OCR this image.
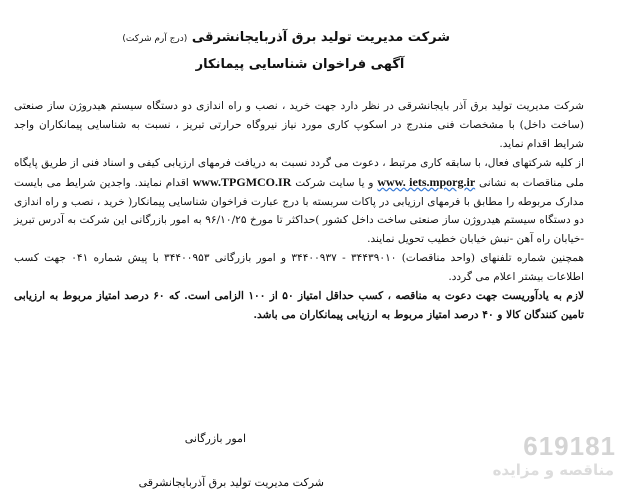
شرکت مدیریت تولید برق آذربایجانشرقی (درج آرم شرکت)
آگهی فراخوان شناسایی پیمانکار

شرکت مدیریت تولید برق آذر بایجانشرقی در نظر دارد جهت خرید ، نصب و راه اندازی دو دستگاه سیستم هیدروژن ساز صنعتی (ساخت داخل) با مشخصات فنی مندرج در اسکوپ کاری مورد نیاز نیروگاه حرارتی تبریز ، نسبت به شناسایی پیمانکاران واجد شرایط اقدام نماید.

از کلیه شرکتهای فعال، با سابقه کاری مرتبط ، دعوت می گردد نسبت به دریافت فرمهای ارزیابی کیفی و اسناد فنی از طریق پایگاه ملی مناقصات به نشانی www. iets.mporg.ir و یا سایت شرکت www.TPGMCO.IR اقدام نمایند. واجدین شرایط می بایست مدارک مربوطه را مطابق با فرمهای ارزیابی در پاکات سربسته با درج عبارت فراخوان شناسایی پیمانکار( خرید ، نصب و راه اندازی دو دستگاه سیستم هیدروژن ساز صنعتی ساخت داخل کشور )حداکثر تا مورخ ۹۶/۱۰/۲۵ به امور بازرگانی این شرکت به آدرس تبریز -خیابان راه آهن -نبش خیابان خطیب تحویل نمایند.

همچنین شماره تلفنهای (واحد مناقصات) ۳۴۴۳۹۰۱۰ - ۳۴۴۰۰۹۳۷ و امور بازرگانی ۳۴۴۰۰۹۵۳ با پیش شماره ۰۴۱ جهت کسب اطلاعات بیشتر اعلام می گردد.

لازم به یادآوریست جهت دعوت به مناقصه ، کسب حداقل امتیاز ۵۰ از ۱۰۰ الزامی است. که ۶۰ درصد امتیاز مربوط به ارزیابی تامین کنندگان کالا و ۴۰ درصد امتیاز مربوط به ارزیابی پیمانکاران می باشد.

امور بازرگانی
شرکت مدیریت تولید برق آذربایجانشرقی
619181
مناقصه و مزایده
